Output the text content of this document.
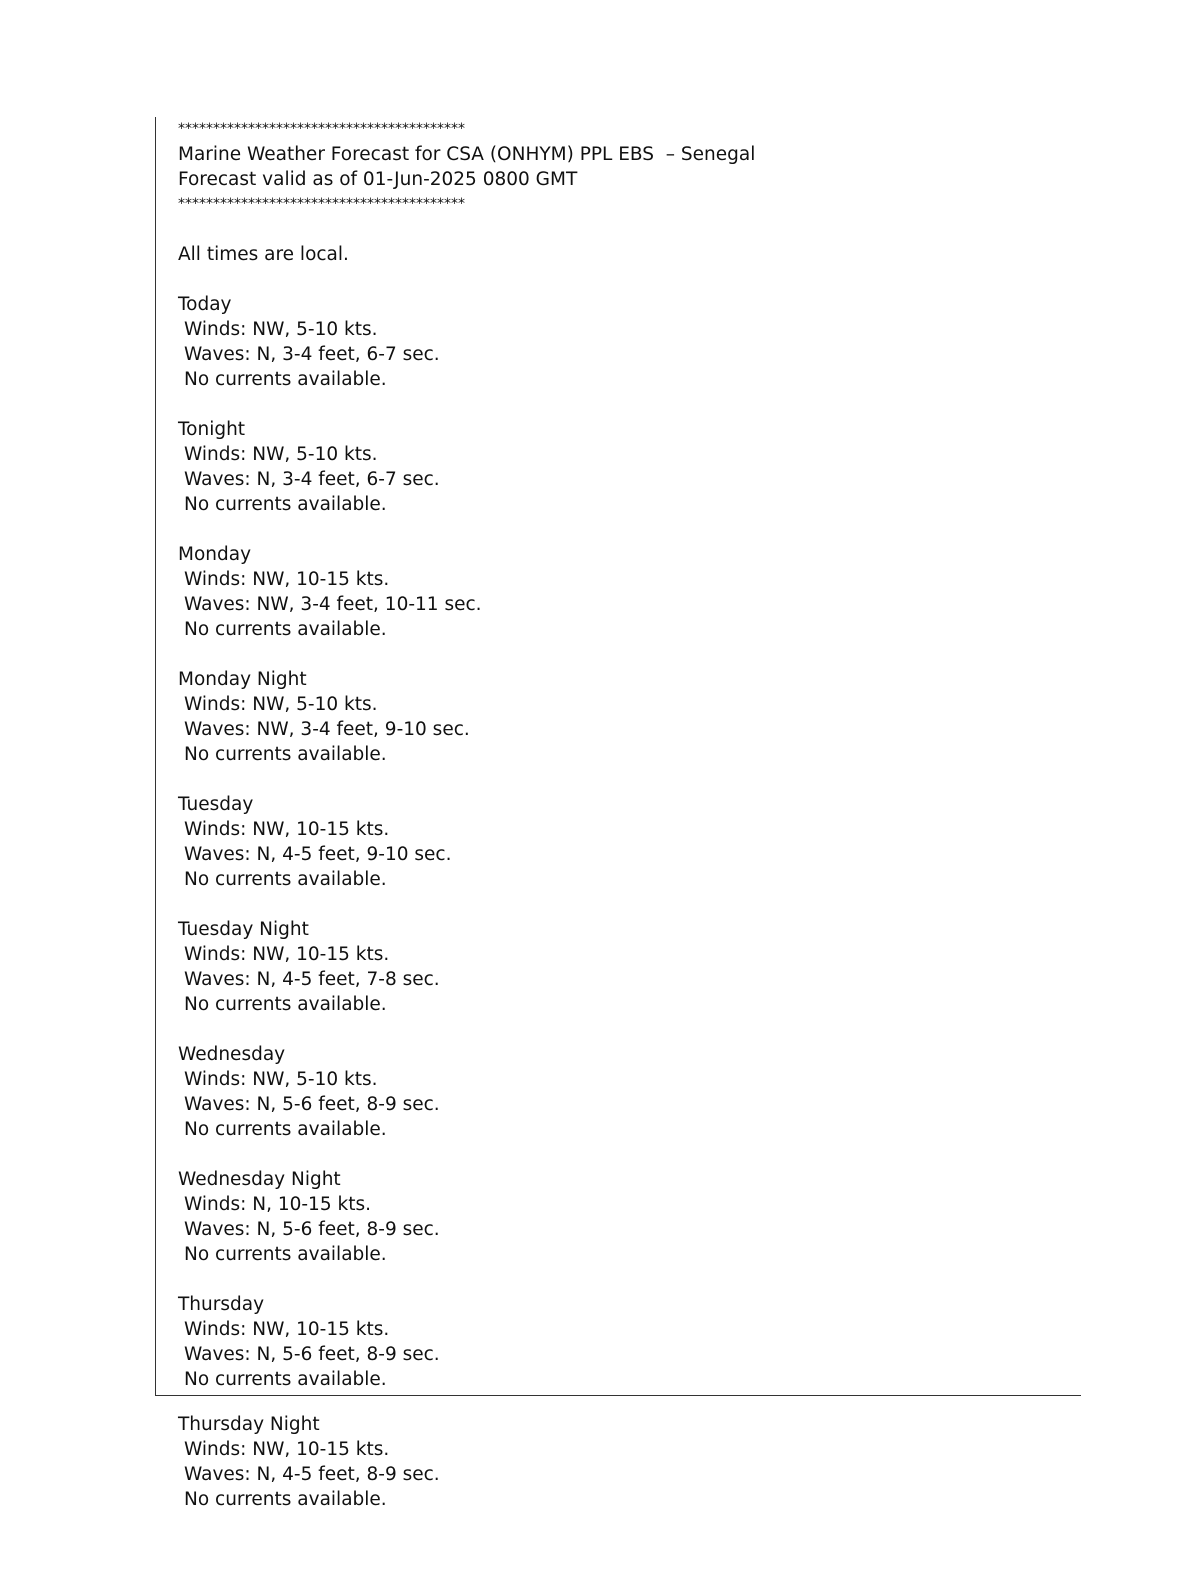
*****************************************
Marine Weather Forecast for CSA (ONHYM) PPL EBS  – Senegal
Forecast valid as of 01-Jun-2025 0800 GMT
*****************************************
All times are local.
Today
Winds: NW, 5-10 kts.
Waves: N, 3-4 feet, 6-7 sec.
No currents available.
Tonight
Winds: NW, 5-10 kts.
Waves: N, 3-4 feet, 6-7 sec.
No currents available.
Monday
Winds: NW, 10-15 kts.
Waves: NW, 3-4 feet, 10-11 sec.
No currents available.
Monday Night
Winds: NW, 5-10 kts.
Waves: NW, 3-4 feet, 9-10 sec.
No currents available.
Tuesday
Winds: NW, 10-15 kts.
Waves: N, 4-5 feet, 9-10 sec.
No currents available.
Tuesday Night
Winds: NW, 10-15 kts.
Waves: N, 4-5 feet, 7-8 sec.
No currents available.
Wednesday
Winds: NW, 5-10 kts.
Waves: N, 5-6 feet, 8-9 sec.
No currents available.
Wednesday Night
Winds: N, 10-15 kts.
Waves: N, 5-6 feet, 8-9 sec.
No currents available.
Thursday
Winds: NW, 10-15 kts.
Waves: N, 5-6 feet, 8-9 sec.
No currents available.
Thursday Night
Winds: NW, 10-15 kts.
Waves: N, 4-5 feet, 8-9 sec.
No currents available.
